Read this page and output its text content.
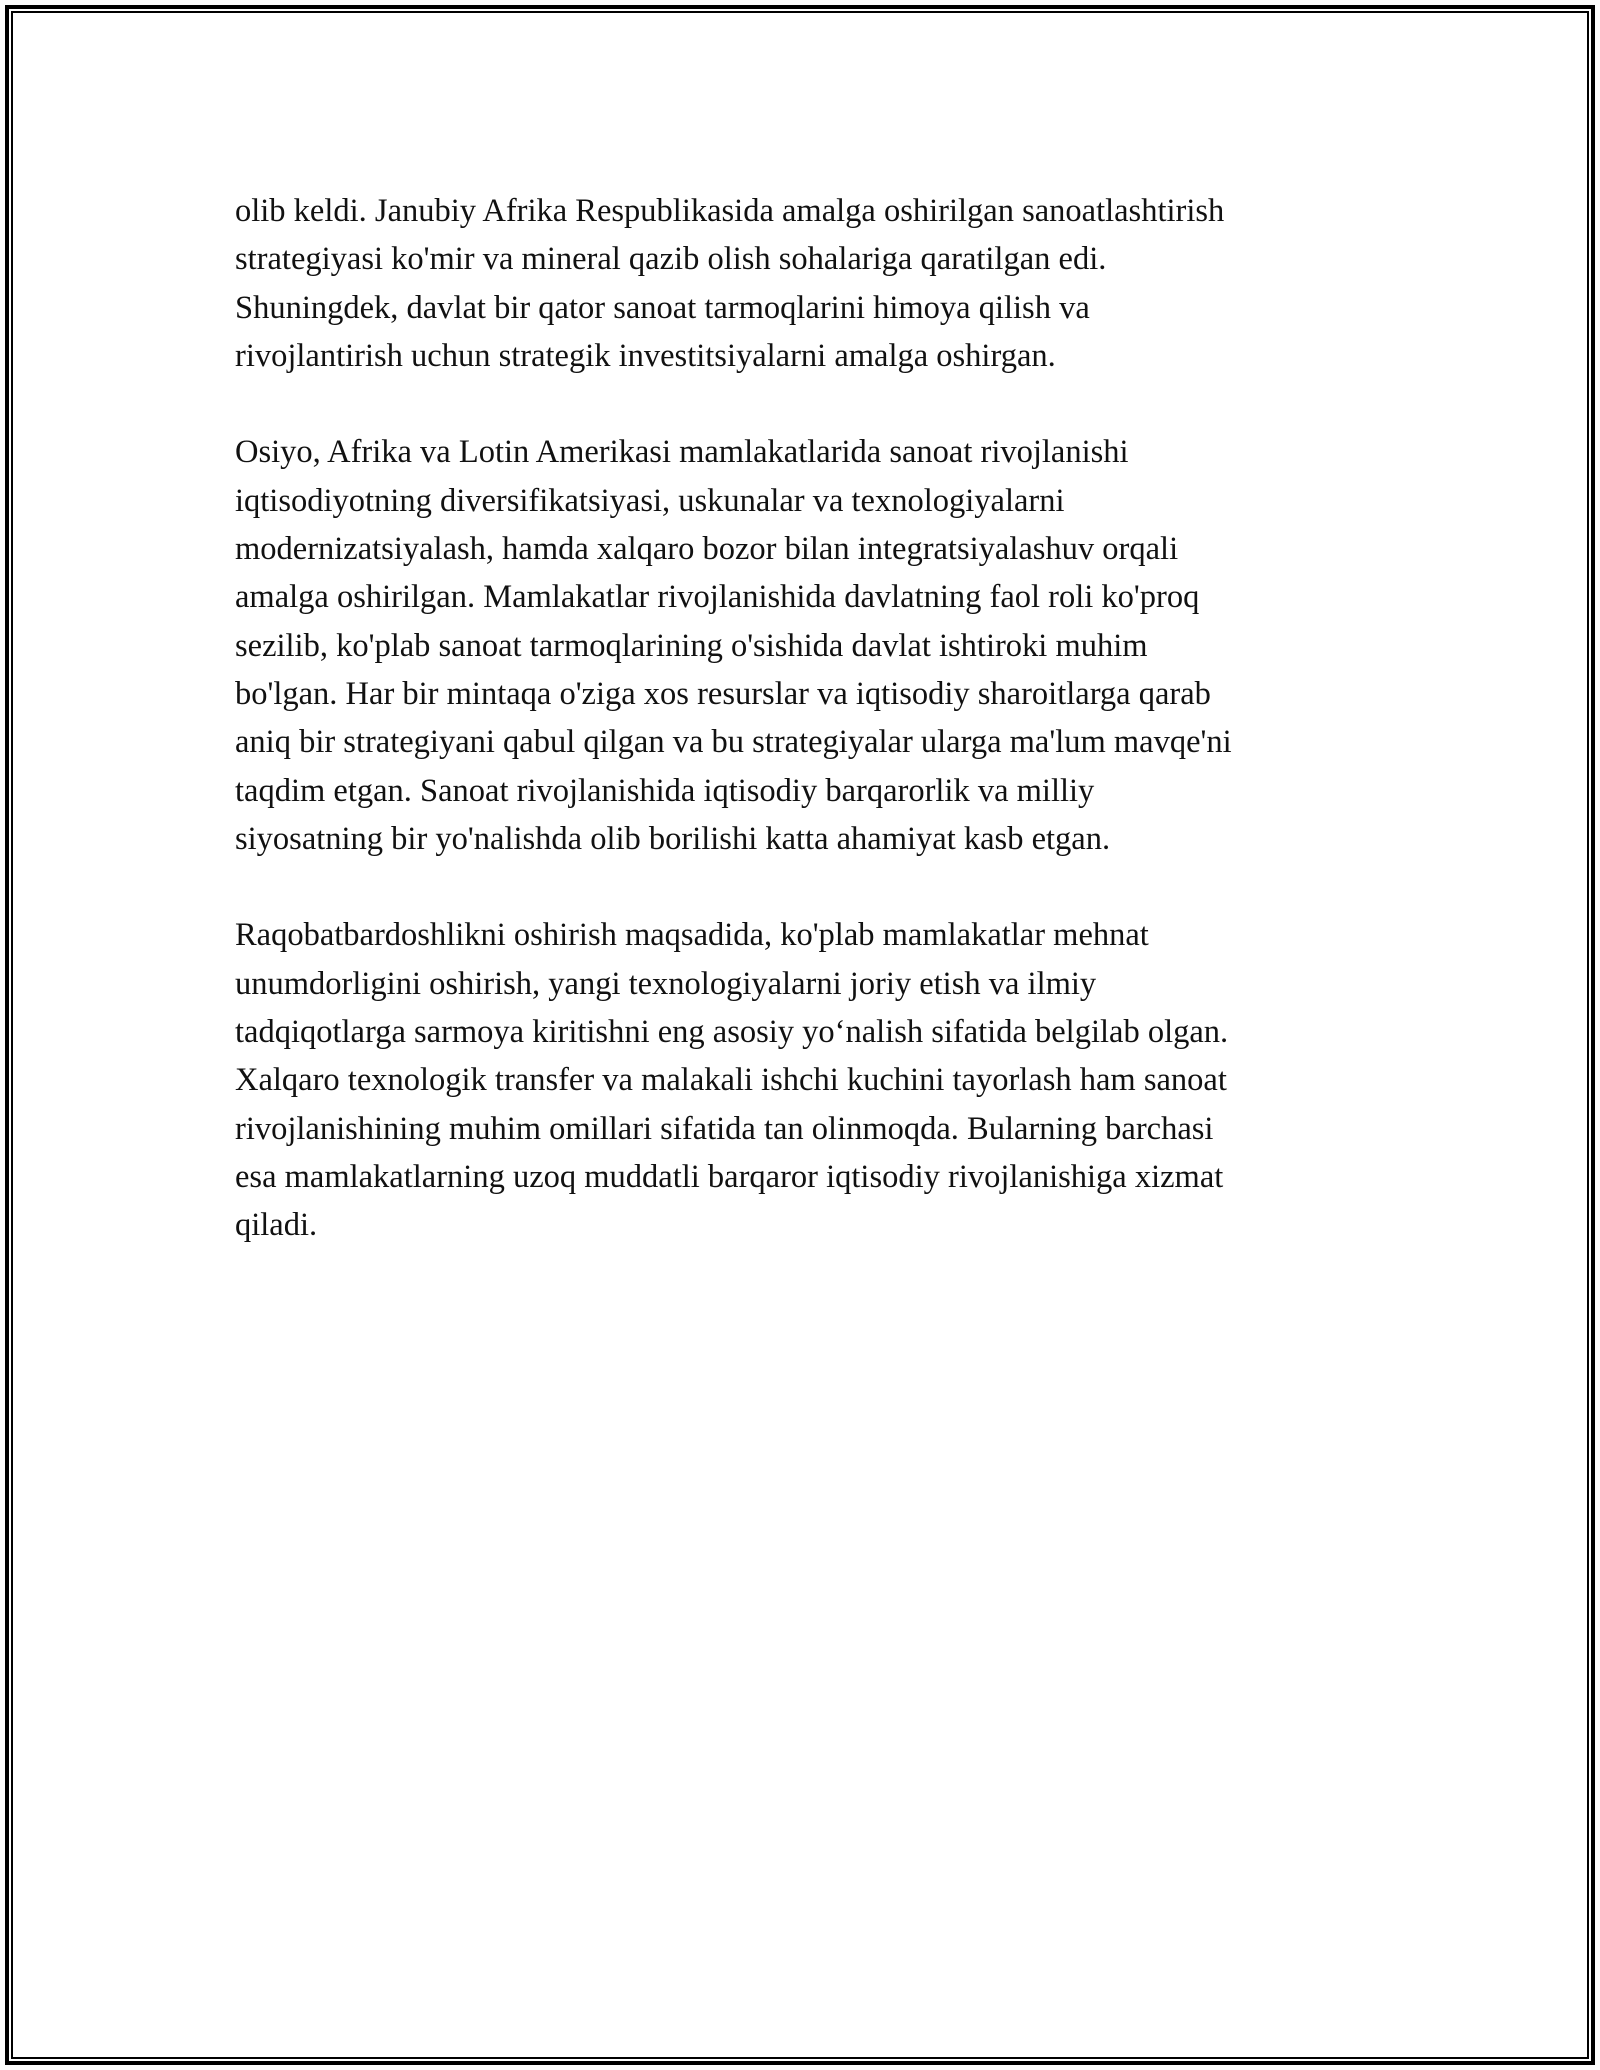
olib keldi. Janubiy Afrika Respublikasida amalga oshirilgan sanoatlashtirish
strategiyasi ko'mir va mineral qazib olish sohalariga qaratilgan edi.
Shuningdek, davlat bir qator sanoat tarmoqlarini himoya qilish va
rivojlantirish uchun strategik investitsiyalarni amalga oshirgan.

Osiyo, Afrika va Lotin Amerikasi mamlakatlarida sanoat rivojlanishi
iqtisodiyotning diversifikatsiyasi, uskunalar va texnologiyalarni
modernizatsiyalash, hamda xalqaro bozor bilan integratsiyalashuv orqali
amalga oshirilgan. Mamlakatlar rivojlanishida davlatning faol roli ko'proq
sezilib, ko'plab sanoat tarmoqlarining o'sishida davlat ishtiroki muhim
bo'lgan. Har bir mintaqa o'ziga xos resurslar va iqtisodiy sharoitlarga qarab
aniq bir strategiyani qabul qilgan va bu strategiyalar ularga ma'lum mavqe'ni
taqdim etgan. Sanoat rivojlanishida iqtisodiy barqarorlik va milliy
siyosatning bir yo'nalishda olib borilishi katta ahamiyat kasb etgan.

Raqobatbardoshlikni oshirish maqsadida, ko'plab mamlakatlar mehnat
unumdorligini oshirish, yangi texnologiyalarni joriy etish va ilmiy
tadqiqotlarga sarmoya kiritishni eng asosiy yo‘nalish sifatida belgilab olgan.
Xalqaro texnologik transfer va malakali ishchi kuchini tayorlash ham sanoat
rivojlanishining muhim omillari sifatida tan olinmoqda. Bularning barchasi
esa mamlakatlarning uzoq muddatli barqaror iqtisodiy rivojlanishiga xizmat
qiladi.
